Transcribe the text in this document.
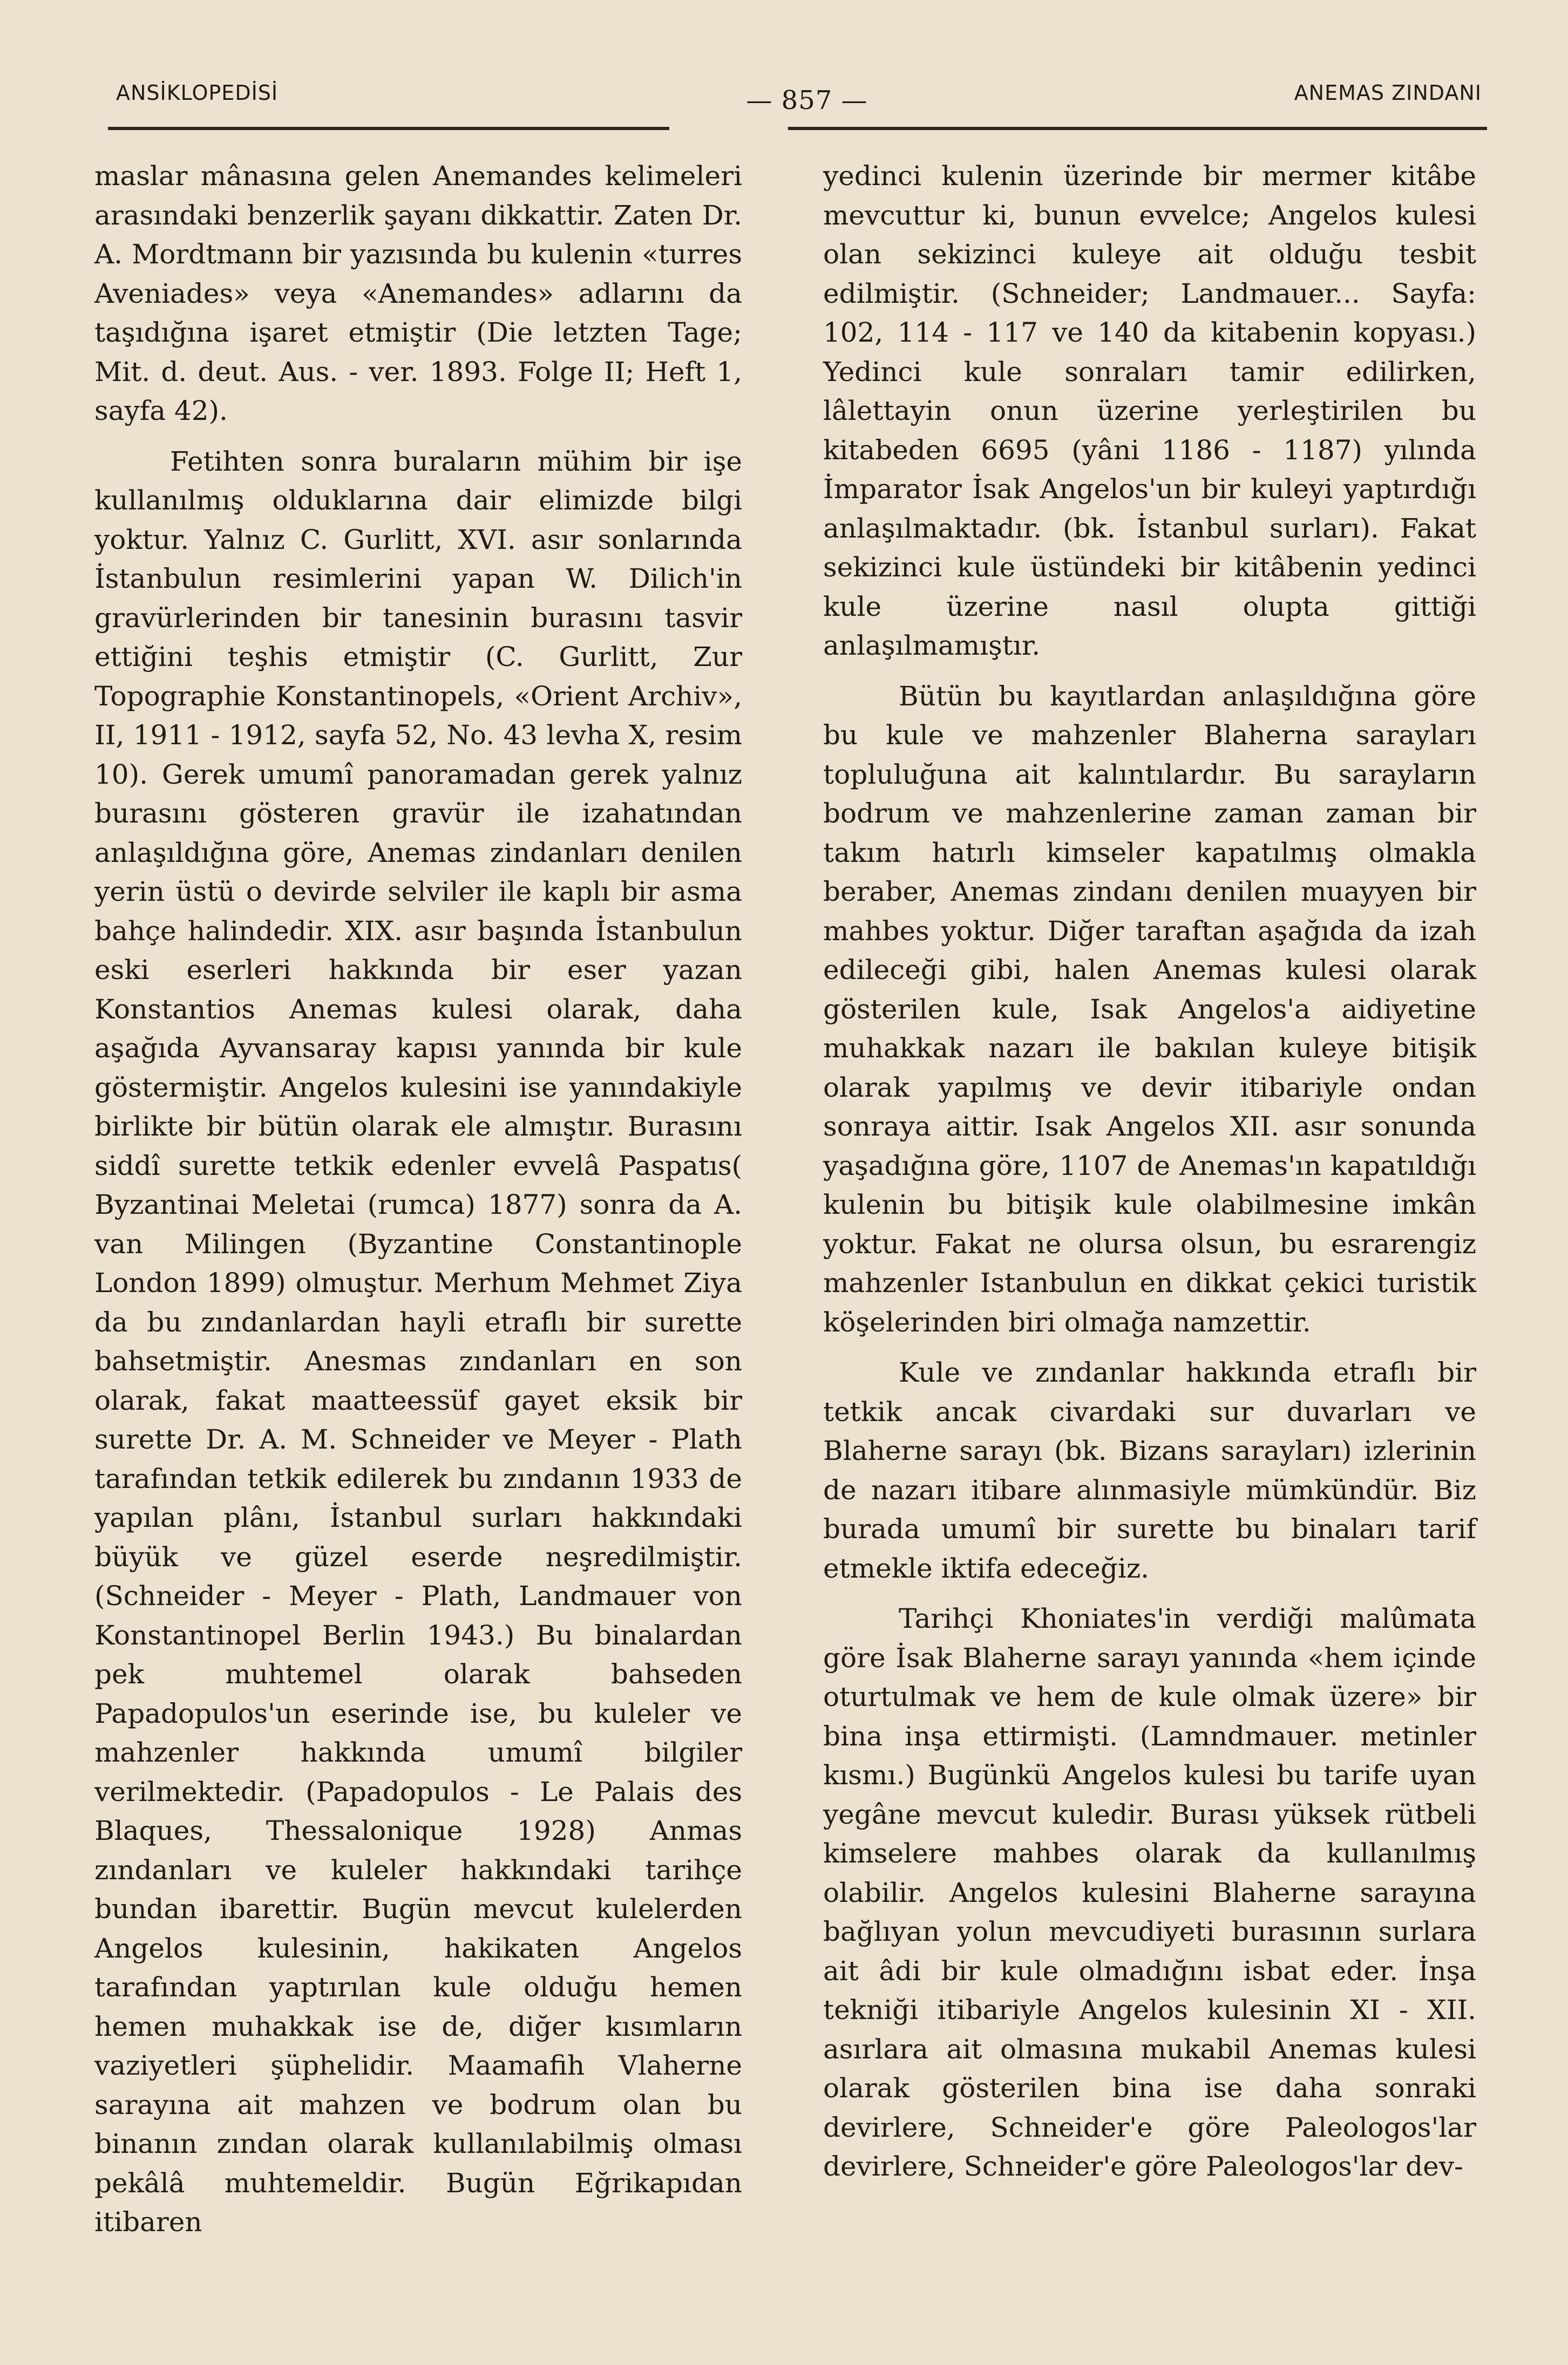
ANSİKLOPEDİSİ	— 857 —	ANEMAS ZINDANI

maslar mânasına gelen Anemandes kelimeleri arasındaki benzerlik şayanı dikkattir. Zaten Dr. A. Mordtmann bir yazısında bu kulenin «turres Aveniades» veya «Anemandes» adlarını da taşıdığına işaret etmiştir (Die letzten Tage; Mit. d. deut. Aus. - ver. 1893. Folge II; Heft 1, sayfa 42).

Fetihten sonra buraların mühim bir işe kullanılmış olduklarına dair elimizde bilgi yoktur. Yalnız C. Gurlitt, XVI. asır sonlarında İstanbulun resimlerini yapan W. Dilich'in gravürlerinden bir tanesinin burasını tasvir ettiğini teşhis etmiştir (C. Gurlitt, Zur Topographie Konstantinopels, «Orient Archiv», II, 1911 - 1912, sayfa 52, No. 43 levha X, resim 10). Gerek umumî panoramadan gerek yalnız burasını gösteren gravür ile izahatından anlaşıldığına göre, Anemas zindanları denilen yerin üstü o devirde selviler ile kaplı bir asma bahçe halindedir. XIX. asır başında İstanbulun eski eserleri hakkında bir eser yazan Konstantios Anemas kulesi olarak, daha aşağıda Ayvansaray kapısı yanında bir kule göstermiştir. Angelos kulesini ise yanındakiyle birlikte bir bütün olarak ele almıştır. Burasını siddî surette tetkik edenler evvelâ Paspatıs( Byzantinai Meletai (rumca) 1877) sonra da A. van Milingen (Byzantine Constantinople London 1899) olmuştur. Merhum Mehmet Ziya da bu zındanlardan hayli etraflı bir surette bahsetmiştir. Anesmas zındanları en son olarak, fakat maatteessüf gayet eksik bir surette Dr. A. M. Schneider ve Meyer - Plath tarafından tetkik edilerek bu zındanın 1933 de yapılan plânı, İstanbul surları hakkındaki büyük ve güzel eserde neşredilmiştir. (Schneider - Meyer - Plath, Landmauer von Konstantinopel Berlin 1943.) Bu binalardan pek muhtemel olarak bahseden Papadopulos'un eserinde ise, bu kuleler ve mahzenler hakkında umumî bilgiler verilmektedir. (Papadopulos - Le Palais des Blaques, Thessalonique 1928) Anmas zındanları ve kuleler hakkındaki tarihçe bundan ibarettir. Bugün mevcut kulelerden Angelos kulesinin, hakikaten Angelos tarafından yaptırılan kule olduğu hemen hemen muhakkak ise de, diğer kısımların vaziyetleri şüphelidir. Maamafih Vlaherne sarayına ait mahzen ve bodrum olan bu binanın zından olarak kullanılabilmiş olması pekâlâ muhtemeldir. Bugün Eğrikapıdan itibaren

yedinci kulenin üzerinde bir mermer kitâbe mevcuttur ki, bunun evvelce; Angelos kulesi olan sekizinci kuleye ait olduğu tesbit edilmiştir. (Schneider; Landmauer... Sayfa: 102, 114 - 117 ve 140 da kitabenin kopyası.) Yedinci kule sonraları tamir edilirken, lâlettayin onun üzerine yerleştirilen bu kitabeden 6695 (yâni 1186 - 1187) yılında İmparator İsak Angelos'un bir kuleyi yaptırdığı anlaşılmaktadır. (bk. İstanbul surları). Fakat sekizinci kule üstündeki bir kitâbenin yedinci kule üzerine nasıl olupta gittiği anlaşılmamıştır.

Bütün bu kayıtlardan anlaşıldığına göre bu kule ve mahzenler Blaherna sarayları topluluğuna ait kalıntılardır. Bu sarayların bodrum ve mahzenlerine zaman zaman bir takım hatırlı kimseler kapatılmış olmakla beraber, Anemas zindanı denilen muayyen bir mahbes yoktur. Diğer taraftan aşağıda da izah edileceği gibi, halen Anemas kulesi olarak gösterilen kule, Isak Angelos'a aidiyetine muhakkak nazarı ile bakılan kuleye bitişik olarak yapılmış ve devir itibariyle ondan sonraya aittir. Isak Angelos XII. asır sonunda yaşadığına göre, 1107 de Anemas'ın kapatıldığı kulenin bu bitişik kule olabilmesine imkân yoktur. Fakat ne olursa olsun, bu esrarengiz mahzenler Istanbulun en dikkat çekici turistik köşelerinden biri olmağa namzettir.

Kule ve zındanlar hakkında etraflı bir tetkik ancak civardaki sur duvarları ve Blaherne sarayı (bk. Bizans sarayları) izlerinin de nazarı itibare alınmasiyle mümkündür. Biz burada umumî bir surette bu binaları tarif etmekle iktifa edeceğiz.

Tarihçi Khoniates'in verdiği malûmata göre İsak Blaherne sarayı yanında «hem içinde oturtulmak ve hem de kule olmak üzere» bir bina inşa ettirmişti. (Lamndmauer. metinler kısmı.) Bugünkü Angelos kulesi bu tarife uyan yegâne mevcut kuledir. Burası yüksek rütbeli kimselere mahbes olarak da kullanılmış olabilir. Angelos kulesini Blaherne sarayına bağlıyan yolun mevcudiyeti burasının surlara ait âdi bir kule olmadığını isbat eder. İnşa tekniği itibariyle Angelos kulesinin XI - XII. asırlara ait olmasına mukabil Anemas kulesi olarak gösterilen bina ise daha sonraki devirlere, Schneider'e göre Paleologos'lar devirlere, Schneider'e göre Paleologos'lar dev-
